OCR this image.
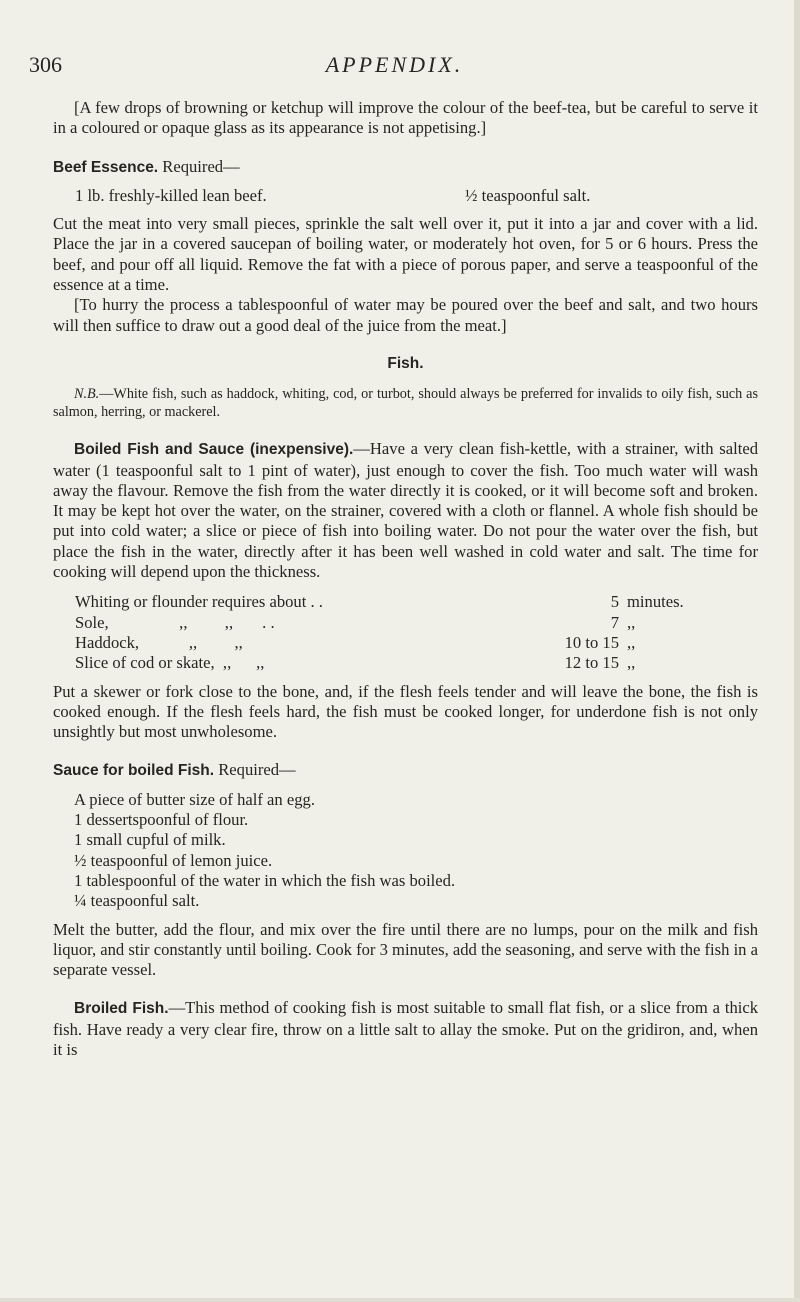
306	APPENDIX.

[A few drops of browning or ketchup will improve the colour of the beef-tea, but be careful to serve it in a coloured or opaque glass as its appearance is not appetising.]

Beef Essence. Required—

1 lb. freshly-killed lean beef.	½ teaspoonful salt.

Cut the meat into very small pieces, sprinkle the salt well over it, put it into a jar and cover with a lid. Place the jar in a covered saucepan of boiling water, or moderately hot oven, for 5 or 6 hours. Press the beef, and pour off all liquid. Remove the fat with a piece of porous paper, and serve a teaspoonful of the essence at a time.

[To hurry the process a tablespoonful of water may be poured over the beef and salt, and two hours will then suffice to draw out a good deal of the juice from the meat.]

Fish.

N.B.—White fish, such as haddock, whiting, cod, or turbot, should always be preferred for invalids to oily fish, such as salmon, herring, or mackerel.

Boiled Fish and Sauce (inexpensive).—Have a very clean fish-kettle, with a strainer, with salted water (1 teaspoonful salt to 1 pint of water), just enough to cover the fish. Too much water will wash away the flavour. Remove the fish from the water directly it is cooked, or it will become soft and broken. It may be kept hot over the water, on the strainer, covered with a cloth or flannel. A whole fish should be put into cold water; a slice or piece of fish into boiling water. Do not pour the water over the fish, but place the fish in the water, directly after it has been well washed in cold water and salt. The time for cooking will depend upon the thickness.

Whiting or flounder requires about . .	5 minutes.
Sole,                 ,,         ,,       . .	7 ,,
Haddock,            ,,         ,,	10 to 15 ,,
Slice of cod or skate,  ,,      ,,	12 to 15 ,,

Put a skewer or fork close to the bone, and, if the flesh feels tender and will leave the bone, the fish is cooked enough. If the flesh feels hard, the fish must be cooked longer, for underdone fish is not only unsightly but most unwholesome.

Sauce for boiled Fish. Required—

A piece of butter size of half an egg.
1 dessertspoonful of flour.
1 small cupful of milk.
½ teaspoonful of lemon juice.
1 tablespoonful of the water in which the fish was boiled.
¼ teaspoonful salt.

Melt the butter, add the flour, and mix over the fire until there are no lumps, pour on the milk and fish liquor, and stir constantly until boiling. Cook for 3 minutes, add the seasoning, and serve with the fish in a separate vessel.

Broiled Fish.—This method of cooking fish is most suitable to small flat fish, or a slice from a thick fish. Have ready a very clear fire, throw on a little salt to allay the smoke. Put on the gridiron, and, when it is
